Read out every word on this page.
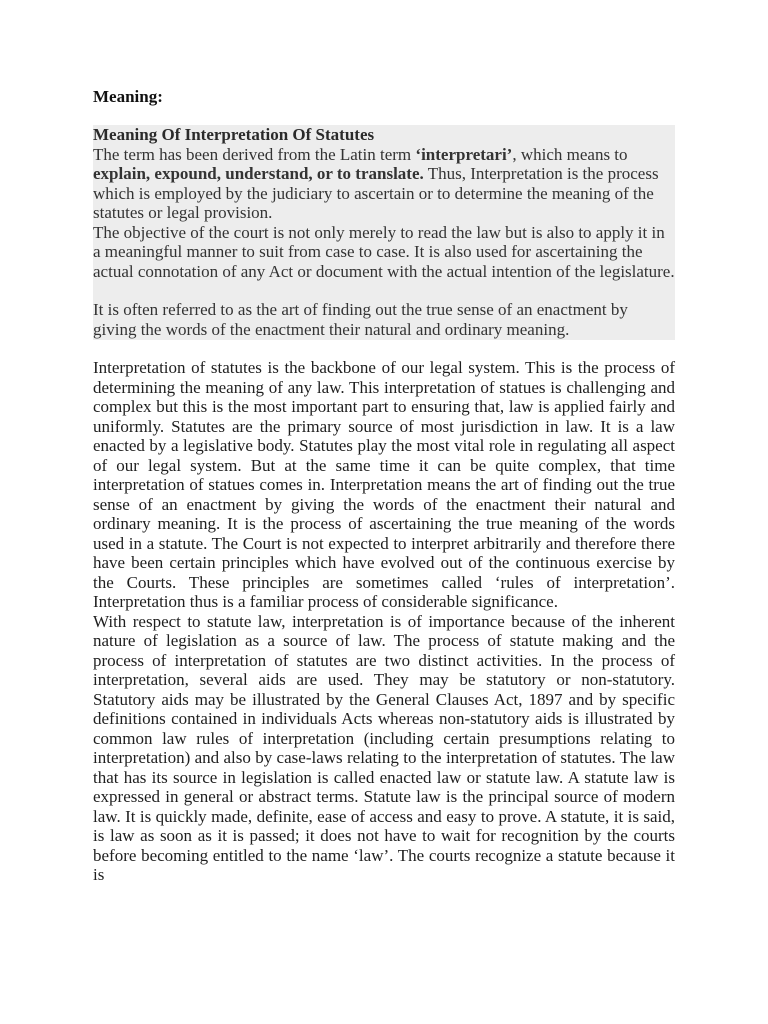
Meaning:

Meaning Of Interpretation Of Statutes

The term has been derived from the Latin term ‘interpretari’, which means to explain, expound, understand, or to translate. Thus, Interpretation is the process which is employed by the judiciary to ascertain or to determine the meaning of the statutes or legal provision.

The objective of the court is not only merely to read the law but is also to apply it in a meaningful manner to suit from case to case. It is also used for ascertaining the actual connotation of any Act or document with the actual intention of the legislature.

It is often referred to as the art of finding out the true sense of an enactment by giving the words of the enactment their natural and ordinary meaning.

Interpretation of statutes is the backbone of our legal system. This is the process of determining the meaning of any law. This interpretation of statues is challenging and complex but this is the most important part to ensuring that, law is applied fairly and uniformly. Statutes are the primary source of most jurisdiction in law. It is a law enacted by a legislative body. Statutes play the most vital role in regulating all aspect of our legal system. But at the same time it can be quite complex, that time interpretation of statues comes in. Interpretation means the art of finding out the true sense of an enactment by giving the words of the enactment their natural and ordinary meaning. It is the process of ascertaining the true meaning of the words used in a statute. The Court is not expected to interpret arbitrarily and therefore there have been certain principles which have evolved out of the continuous exercise by the Courts. These principles are sometimes called ‘rules of interpretation’. Interpretation thus is a familiar process of considerable significance.

With respect to statute law, interpretation is of importance because of the inherent nature of legislation as a source of law. The process of statute making and the process of interpretation of statutes are two distinct activities. In the process of interpretation, several aids are used. They may be statutory or non-statutory. Statutory aids may be illustrated by the General Clauses Act, 1897 and by specific definitions contained in individuals Acts whereas non-statutory aids is illustrated by common law rules of interpretation (including certain presumptions relating to interpretation) and also by case-laws relating to the interpretation of statutes. The law that has its source in legislation is called enacted law or statute law. A statute law is expressed in general or abstract terms. Statute law is the principal source of modern law. It is quickly made, definite, ease of access and easy to prove. A statute, it is said, is law as soon as it is passed; it does not have to wait for recognition by the courts before becoming entitled to the name ‘law’. The courts recognize a statute because it is
